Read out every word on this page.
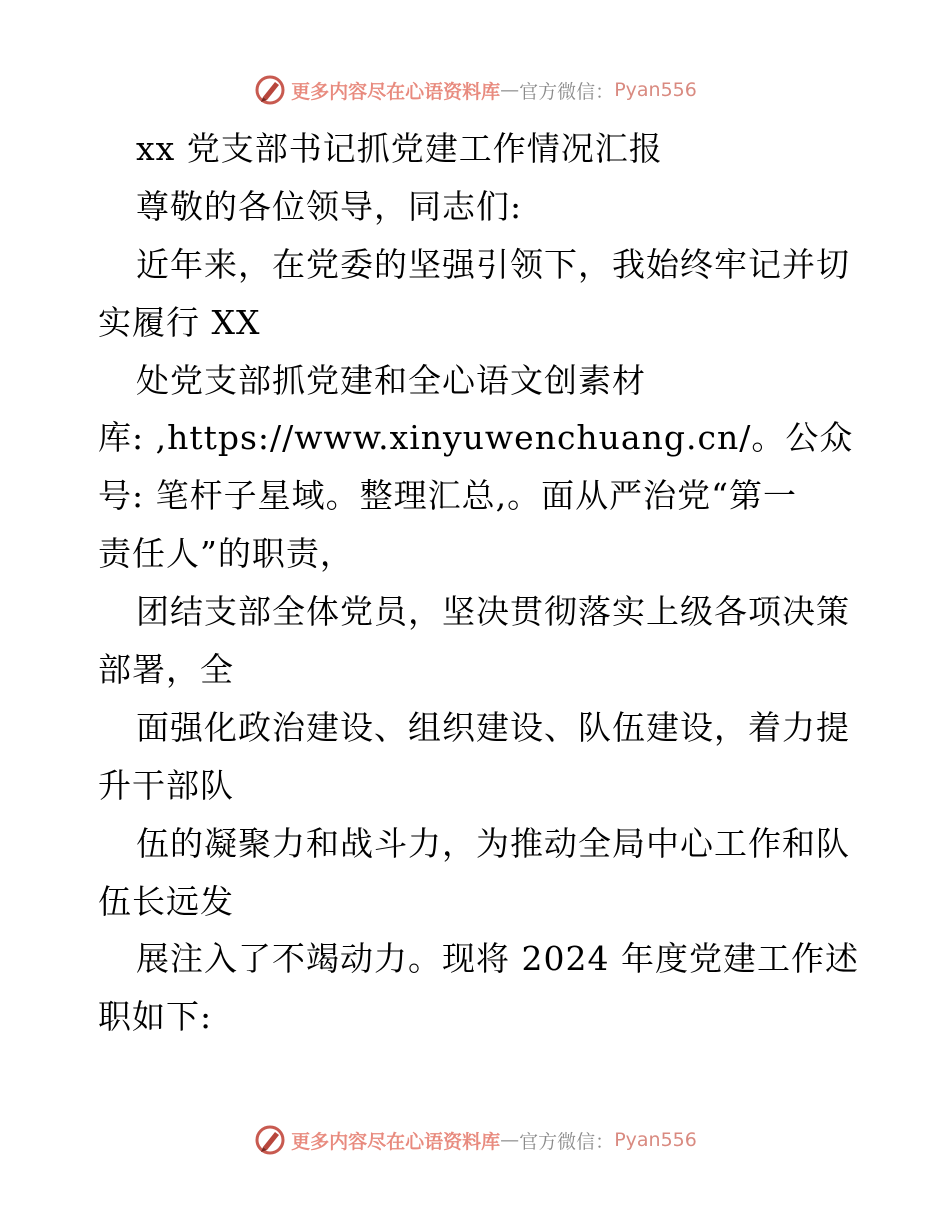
更多内容尽在心语资料库 — 官方微信： Pyan556
xx 党支部书记抓党建工作情况汇报
尊敬的各位领导，同志们:
近年来，在党委的坚强引领下，我始终牢记并切
实履行 XX
处党支部抓党建和全心语文创素材
库: ,https://www.xinyuwenchuang.cn/。公众
号: 笔杆子星域。整理汇总,。面从严治党“第一
责任人”的职责，
团结支部全体党员，坚决贯彻落实上级各项决策
部署，全
面强化政治建设、组织建设、队伍建设，着力提
升干部队
伍的凝聚力和战斗力，为推动全局中心工作和队
伍长远发
展注入了不竭动力。现将 2024 年度党建工作述
职如下:
更多内容尽在心语资料库 — 官方微信： Pyan556
